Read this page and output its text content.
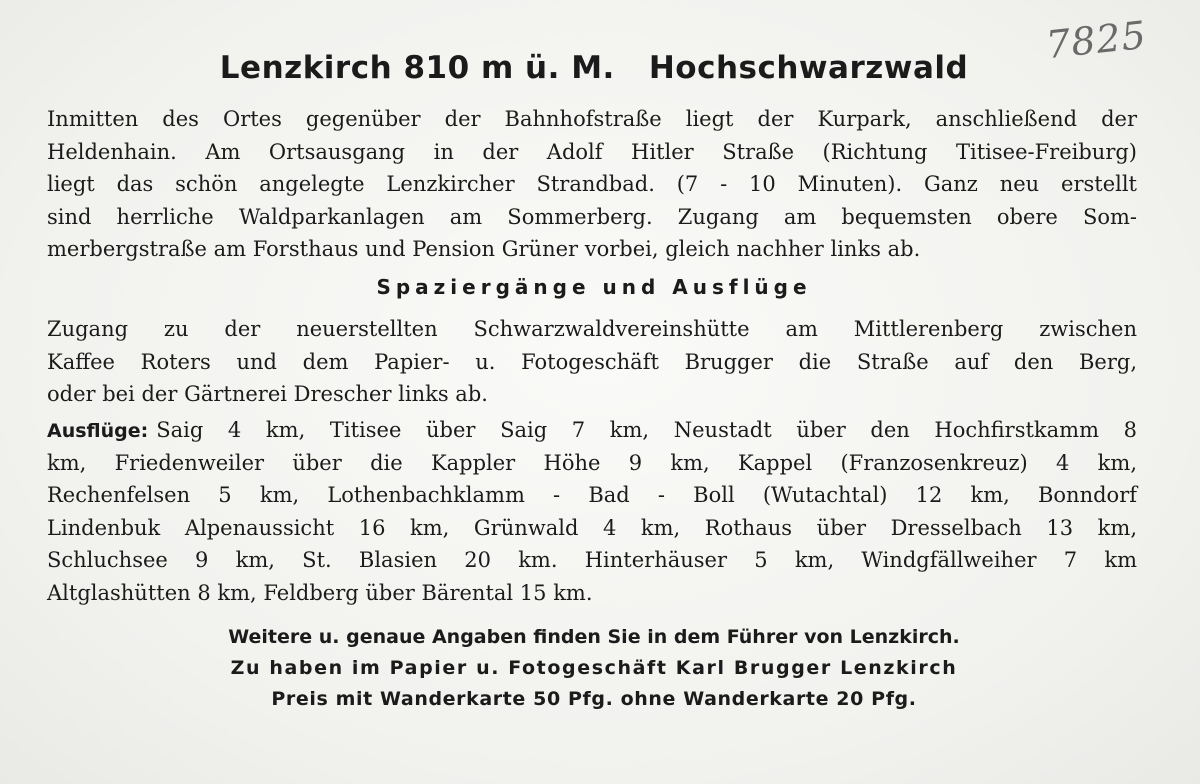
7825
Lenzkirch 810 m ü. M. Hochschwarzwald
Inmitten des Ortes gegenüber der Bahnhofstraße liegt der Kurpark, anschließend der
Heldenhain. Am Ortsausgang in der Adolf Hitler Straße (Richtung Titisee-Freiburg)
liegt das schön angelegte Lenzkircher Strandbad. (7 - 10 Minuten). Ganz neu erstellt
sind herrliche Waldparkanlagen am Sommerberg. Zugang am bequemsten obere Som-
merbergstraße am Forsthaus und Pension Grüner vorbei, gleich nachher links ab.
Spaziergänge und Ausflüge
Zugang zu der neuerstellten Schwarzwaldvereinshütte am Mittlerenberg zwischen
Kaffee Roters und dem Papier- u. Fotogeschäft Brugger die Straße auf den Berg,
oder bei der Gärtnerei Drescher links ab.
Ausflüge: Saig 4 km, Titisee über Saig 7 km, Neustadt über den Hochfirstkamm 8
km, Friedenweiler über die Kappler Höhe 9 km, Kappel (Franzosenkreuz) 4 km,
Rechenfelsen 5 km, Lothenbachklamm - Bad - Boll (Wutachtal) 12 km, Bonndorf
Lindenbuk Alpenaussicht 16 km, Grünwald 4 km, Rothaus über Dresselbach 13 km,
Schluchsee 9 km, St. Blasien 20 km. Hinterhäuser 5 km, Windgfällweiher 7 km
Altglashütten 8 km, Feldberg über Bärental 15 km.
Weitere u. genaue Angaben finden Sie in dem Führer von Lenzkirch.
Zu haben im Papier u. Fotogeschäft Karl Brugger Lenzkirch
Preis mit Wanderkarte 50 Pfg. ohne Wanderkarte 20 Pfg.
